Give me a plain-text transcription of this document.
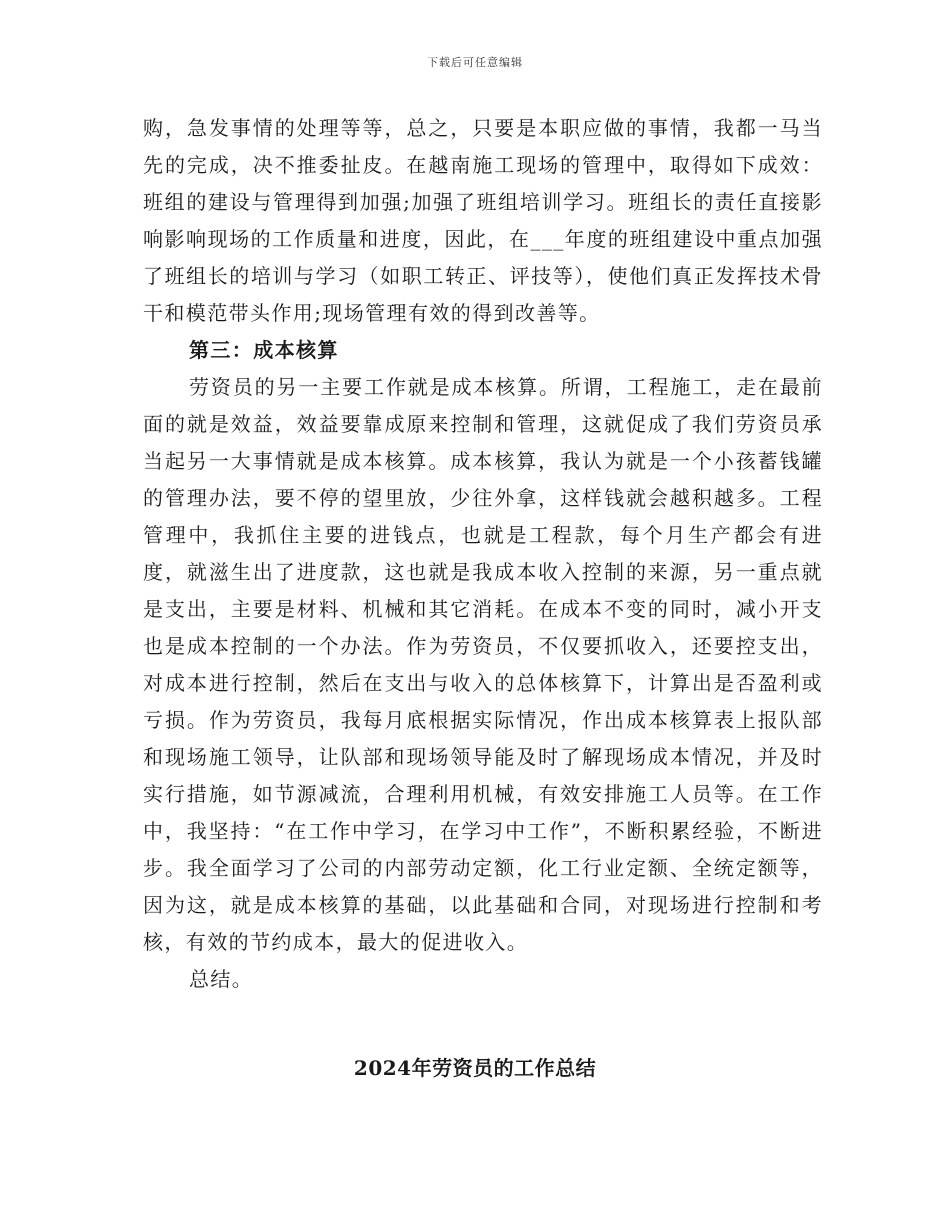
下载后可任意编辑

购，急发事情的处理等等，总之，只要是本职应做的事情，我都一马当先的完成，决不推委扯皮。在越南施工现场的管理中，取得如下成效：班组的建设与管理得到加强;加强了班组培训学习。班组长的责任直接影响影响现场的工作质量和进度，因此，在___年度的班组建设中重点加强了班组长的培训与学习（如职工转正、评技等），使他们真正发挥技术骨干和模范带头作用;现场管理有效的得到改善等。

第三：成本核算

劳资员的另一主要工作就是成本核算。所谓，工程施工，走在最前面的就是效益，效益要靠成原来控制和管理，这就促成了我们劳资员承当起另一大事情就是成本核算。成本核算，我认为就是一个小孩蓄钱罐的管理办法，要不停的望里放，少往外拿，这样钱就会越积越多。工程管理中，我抓住主要的进钱点，也就是工程款，每个月生产都会有进度，就滋生出了进度款，这也就是我成本收入控制的来源，另一重点就是支出，主要是材料、机械和其它消耗。在成本不变的同时，减小开支也是成本控制的一个办法。作为劳资员，不仅要抓收入，还要控支出，对成本进行控制，然后在支出与收入的总体核算下，计算出是否盈利或亏损。作为劳资员，我每月底根据实际情况，作出成本核算表上报队部和现场施工领导，让队部和现场领导能及时了解现场成本情况，并及时实行措施，如节源减流，合理利用机械，有效安排施工人员等。在工作中，我坚持：“在工作中学习，在学习中工作”，不断积累经验，不断进步。我全面学习了公司的内部劳动定额，化工行业定额、全统定额等，因为这，就是成本核算的基础，以此基础和合同，对现场进行控制和考核，有效的节约成本，最大的促进收入。

总结。

2024年劳资员的工作总结
